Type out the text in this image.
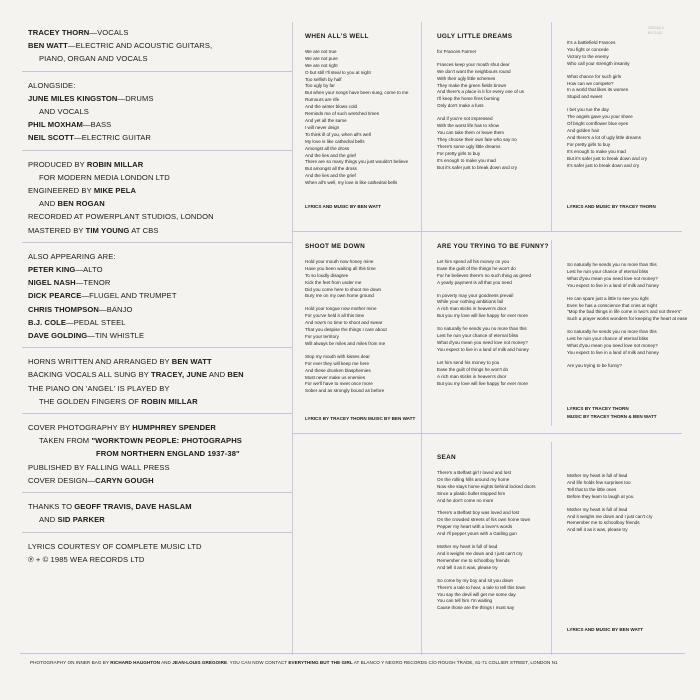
TRACEY THORN—VOCALS
BEN WATT—ELECTRIC AND ACOUSTIC GUITARS,
PIANO, ORGAN AND VOCALS
ALONGSIDE:
JUNE MILES KINGSTON—DRUMS
AND VOCALS
PHIL MOXHAM—BASS
NEIL SCOTT—ELECTRIC GUITAR
PRODUCED BY ROBIN MILLAR
FOR MODERN MEDIA LONDON LTD
ENGINEERED BY MIKE PELA
AND BEN ROGAN
RECORDED AT POWERPLANT STUDIOS, LONDON
MASTERED BY TIM YOUNG AT CBS
ALSO APPEARING ARE:
PETER KING—ALTO
NIGEL NASH—TENOR
DICK PEARCE—FLUGEL AND TRUMPET
CHRIS THOMPSON—BANJO
B.J. COLE—PEDAL STEEL
DAVE GOLDING—TIN WHISTLE
HORNS WRITTEN AND ARRANGED BY BEN WATT
BACKING VOCALS ALL SUNG BY TRACEY, JUNE AND BEN
THE PIANO ON 'ANGEL' IS PLAYED BY
THE GOLDEN FINGERS OF ROBIN MILLAR
COVER PHOTOGRAPHY BY HUMPHREY SPENDER
TAKEN FROM "WORKTOWN PEOPLE: PHOTOGRAPHS
FROM NORTHERN ENGLAND 1937-38"
PUBLISHED BY FALLING WALL PRESS
COVER DESIGN—CARYN GOUGH
THANKS TO GEOFF TRAVIS, DAVE HASLAM
AND SID PARKER
LYRICS COURTESY OF COMPLETE MUSIC LTD
℗ + © 1985 WEA RECORDS LTD
WHEN ALL'S WELL
We are not true
We are not pure
We are not right
O but still I'll steal to you at night
Too selfish by half
Too ugly by far
But when your songs have been sung, come to me
Rumours are rife
And the winter blows cold
Reminds me of such wretched times
And yet all the same
I will never deign
To think ill of you, when all's well
My love is like cathedral bells
Amongst all the dross
And the lies and the grief
There are so many things you just wouldn't believe
But amongst all the dross
And the lies and the grief
When all's well, my love is like cathedral bells
LYRICS AND MUSIC BY BEN WATT
UGLY LITTLE DREAMS
for Frances Farmer
Frances keep your mouth shut dear
We don't want the neighbours round
With their ugly little schemes
They make the green fields brown
And there's a place in it for every one of us
I'll keep the home fires burning
Only don't make a fuss
And if you're not impressed
With the worst life has to show
You can take them or leave them
They choose their own fate who say no
There's some ugly little dreams
For pretty girls to buy
It's enough to make you mad
But it's safer just to break down and cry
LYRICS AND MUSIC BY TRACEY THORN
It's a battlefield Frances
You fight or concede
Victory to the enemy
Who call your strength insanity
What chance for such girls
How can we compete?
In a world that likes its women
Stupid and sweet
I bet you rue the day
The angels gave you your share
Of bright cornflower blue eyes
And golden hair
And there's a lot of ugly little dreams
For pretty girls to buy
It's enough to make you mad
But it's safer just to break down and cry
It's safer just to break down and cry
SHOOT ME DOWN
Hold your mouth now honey mine
Have you been waiting all this time
To so loudly disagree
Kick the feet from under me
Did you come here to shoot me down
Bury me on my own home ground
Hold your tongue now mother mine
For you've held it all this time
And now's no time to shoot and swear
That you despise the things I care about
For your territory
Will always be miles and miles from me
Stop my mouth with kisses dear
For ever they will keep me here
And these drunken blasphemies
Must never make us enemies
For we'll have to meet once more
Sober and as strongly bound as before
LYRICS BY TRACEY THORN MUSIC BY BEN WATT
ARE YOU TRYING TO BE FUNNY?
Let him spend all his money on you
Ease the guilt of the things he won't do
For he believes there's no such thing as greed
A yearly payment is all that you need
In poverty may your goodness prevail
While your nothing ambitions fail
A rich man sticks in heaven's door
But you my love will live happy for ever more
So naturally he sends you no more than this
Lest he ruin your chance of eternal bliss
What d'you mean you need love not money?
You expect to live in a land of milk and honey
Let him send his money to you
Ease the guilt of things he won't do
A rich man sticks in heaven's door
But you my love will live happy for ever more
LYRICS BY TRACEY THORN
MUSIC BY TRACEY THORN & BEN WATT
So naturally he sends you no more than this
Lest he ruin your chance of eternal bliss
What d'you mean you need love not money?
You expect to live in a land of milk and honey
He can spare just a little to see you right
Even he has a conscience that cries at night
"Mop the bad things in life come in two's and not three's"
Such a prayer works wonders for keeping the heart at ease
So naturally he sends you no more than this
Lest he ruin your chance of eternal bliss
What d'you mean you need love not money?
You expect to live in a land of milk and honey
Are you trying to be funny?
SEAN
There's a Belfast girl I loved and lost
On the rolling hills around my home
Now she stays home eights behind locked doors
Since a plastic bullet stopped him
And he don't come no more
There's a Belfast boy was loved and lost
On the crowded streets of his own home town
Pepper my heart with a lover's words
And I'll pepper yours with a Gatling gun
Mother my heart is full of lead
And it weighs me down and I just can't cry
Remember me to schoolboy friends
And tell it as it was, please try
So come by my boy and sit you down
There's a tale to hear, a tale to tell this town
You say the devil will get me some day
You can tell him I'm waiting
Cause those are the things I must say
LYRICS AND MUSIC BY BEN WATT
Mother my heart is full of lead
And life holds few surprises too
Tell that to the little ones
Before they learn to laugh at you
Mother my heart is full of lead
And it weighs me down and I just can't cry
Remember me to schoolboy friends
And tell it as it was, please try
240016-1
BY-2-NZ
PHOTOGRAPHY ON INNER BAG BY RICHARD HAUGHTON AND JEAN-LOUIS GREGOIRE. YOU CAN NOW CONTACT EVERYTHING BUT THE GIRL AT BLANCO Y NEGRO RECORDS C/O ROUGH TRADE, 61-71 COLLIER STREET, LONDON N1
